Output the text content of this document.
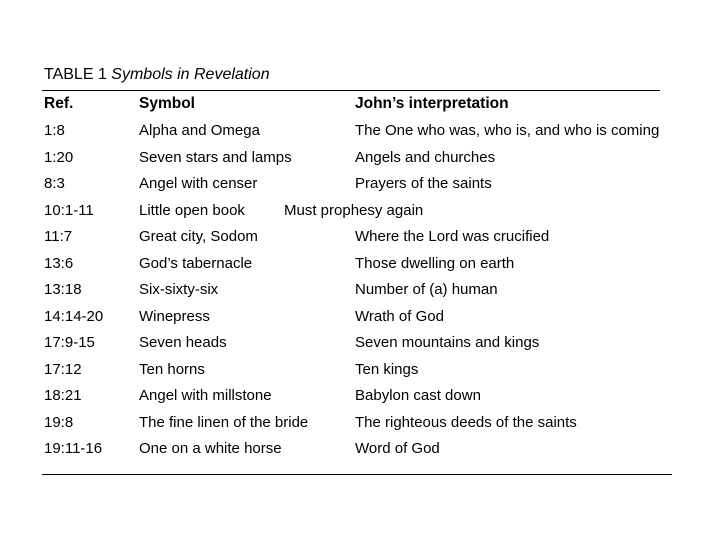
TABLE 1 Symbols in Revelation
Ref.	Symbol	John’s interpretation
1:8	Alpha and Omega	The One who was, who is, and who is coming
1:20	Seven stars and lamps	Angels and churches
8:3	Angel with censer	Prayers of the saints
10:1-11	Little open book	Must prophesy again
11:7	Great city, Sodom	Where the Lord was crucified
13:6	God’s tabernacle	Those dwelling on earth
13:18	Six-sixty-six	Number of (a) human
14:14-20 Winepress	Wrath of God
17:9-15	Seven heads	Seven mountains and kings
17:12	Ten horns	Ten kings
18:21	Angel with millstone	Babylon cast down
19:8	The fine linen of the bride	The righteous deeds of the saints
19:11-16 One on a white horse	Word of God
